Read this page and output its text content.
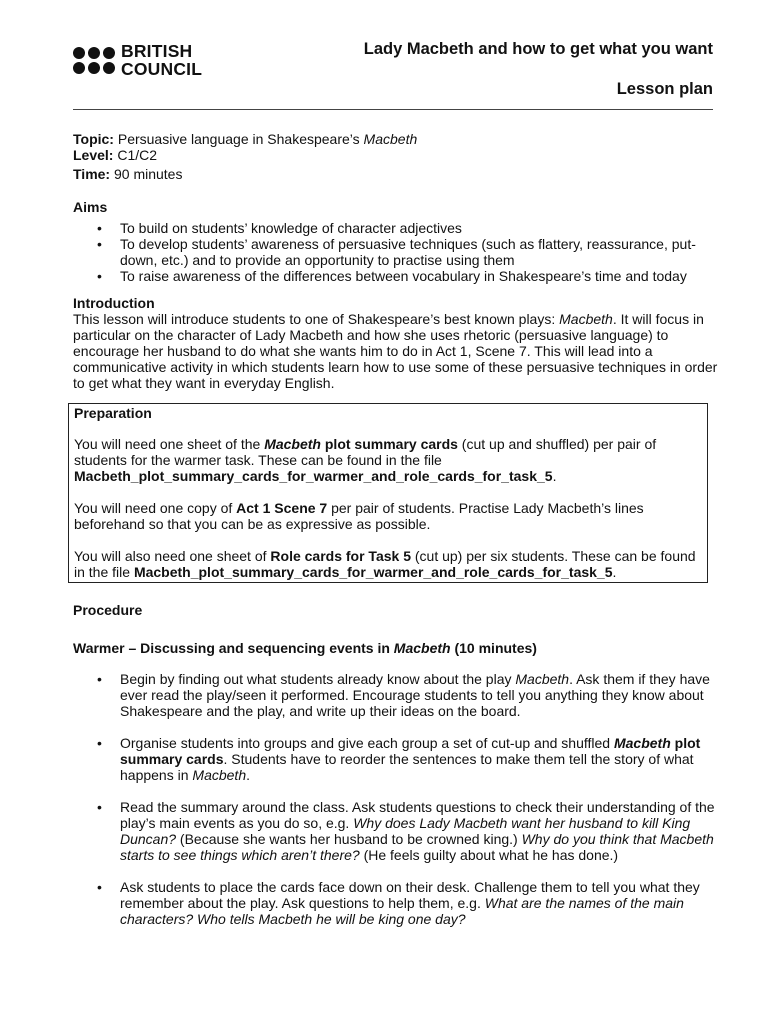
BRITISH
COUNCIL
Lady Macbeth and how to get what you want
Lesson plan
Topic: Persuasive language in Shakespeare’s Macbeth
Level: C1/C2
Time: 90 minutes
Aims
• To build on students’ knowledge of character adjectives
• To develop students’ awareness of persuasive techniques (such as flattery, reassurance, put-down, etc.) and to provide an opportunity to practise using them
• To raise awareness of the differences between vocabulary in Shakespeare’s time and today
Introduction
This lesson will introduce students to one of Shakespeare’s best known plays: Macbeth. It will focus in particular on the character of Lady Macbeth and how she uses rhetoric (persuasive language) to encourage her husband to do what she wants him to do in Act 1, Scene 7. This will lead into a communicative activity in which students learn how to use some of these persuasive techniques in order to get what they want in everyday English.
Preparation
You will need one sheet of the Macbeth plot summary cards (cut up and shuffled) per pair of students for the warmer task. These can be found in the file Macbeth_plot_summary_cards_for_warmer_and_role_cards_for_task_5.
You will need one copy of Act 1 Scene 7 per pair of students. Practise Lady Macbeth’s lines beforehand so that you can be as expressive as possible.
You will also need one sheet of Role cards for Task 5 (cut up) per six students. These can be found in the file Macbeth_plot_summary_cards_for_warmer_and_role_cards_for_task_5.
Procedure
Warmer – Discussing and sequencing events in Macbeth (10 minutes)
• Begin by finding out what students already know about the play Macbeth. Ask them if they have ever read the play/seen it performed. Encourage students to tell you anything they know about Shakespeare and the play, and write up their ideas on the board.
• Organise students into groups and give each group a set of cut-up and shuffled Macbeth plot summary cards. Students have to reorder the sentences to make them tell the story of what happens in Macbeth.
• Read the summary around the class. Ask students questions to check their understanding of the play’s main events as you do so, e.g. Why does Lady Macbeth want her husband to kill King Duncan? (Because she wants her husband to be crowned king.) Why do you think that Macbeth starts to see things which aren’t there? (He feels guilty about what he has done.)
• Ask students to place the cards face down on their desk. Challenge them to tell you what they remember about the play. Ask questions to help them, e.g. What are the names of the main characters? Who tells Macbeth he will be king one day?
